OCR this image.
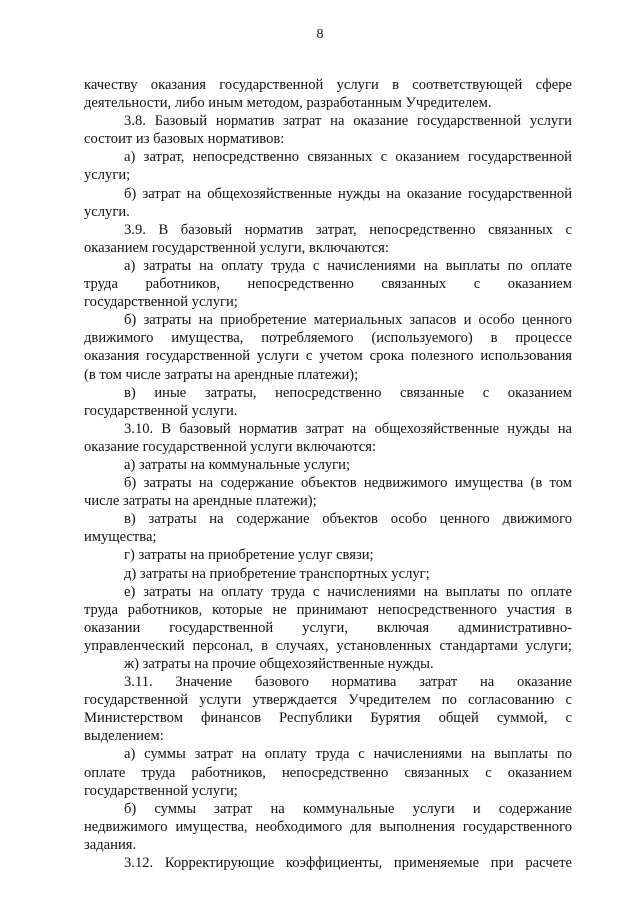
8
качеству оказания государственной услуги в соответствующей сфере
деятельности, либо иным методом, разработанным Учредителем.
3.8. Базовый норматив затрат на оказание государственной услуги
состоит из базовых нормативов:
а) затрат, непосредственно связанных с оказанием государственной
услуги;
б) затрат на общехозяйственные нужды на оказание государственной
услуги.
3.9. В базовый норматив затрат, непосредственно связанных с
оказанием государственной услуги, включаются:
а) затраты на оплату труда с начислениями на выплаты по оплате
труда работников, непосредственно связанных с оказанием
государственной услуги;
б) затраты на приобретение материальных запасов и особо ценного
движимого имущества, потребляемого (используемого) в процессе
оказания государственной услуги с учетом срока полезного использования
(в том числе затраты на арендные платежи);
в) иные затраты, непосредственно связанные с оказанием
государственной услуги.
3.10. В базовый норматив затрат на общехозяйственные нужды на
оказание государственной услуги включаются:
а) затраты на коммунальные услуги;
б) затраты на содержание объектов недвижимого имущества (в том
числе затраты на арендные платежи);
в) затраты на содержание объектов особо ценного движимого
имущества;
г) затраты на приобретение услуг связи;
д) затраты на приобретение транспортных услуг;
е) затраты на оплату труда с начислениями на выплаты по оплате
труда работников, которые не принимают непосредственного участия в
оказании государственной услуги, включая административно-
управленческий персонал, в случаях, установленных стандартами услуги;
ж) затраты на прочие общехозяйственные нужды.
3.11. Значение базового норматива затрат на оказание
государственной услуги утверждается Учредителем по согласованию с
Министерством финансов Республики Бурятия общей суммой, с
выделением:
а) суммы затрат на оплату труда с начислениями на выплаты по
оплате труда работников, непосредственно связанных с оказанием
государственной услуги;
б) суммы затрат на коммунальные услуги и содержание
недвижимого имущества, необходимого для выполнения государственного
задания.
3.12. Корректирующие коэффициенты, применяемые при расчете
